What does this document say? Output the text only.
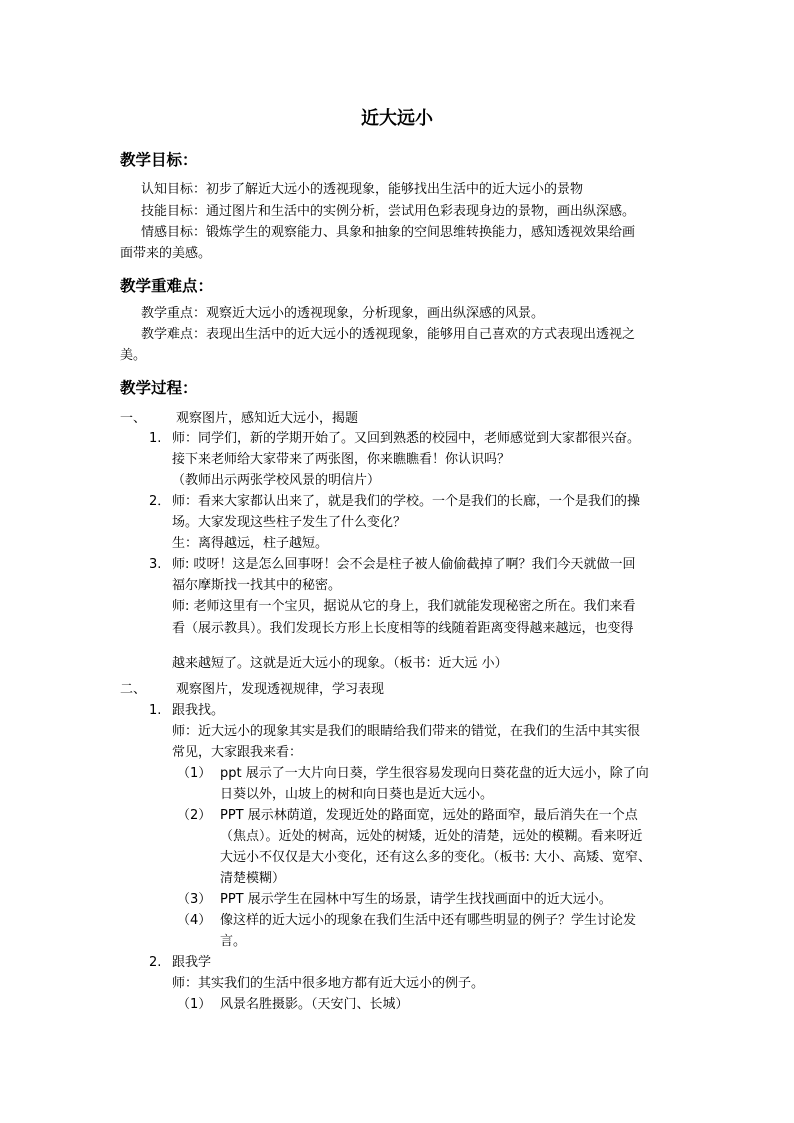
近大远小
教学目标：
认知目标：初步了解近大远小的透视现象，能够找出生活中的近大远小的景物
技能目标：通过图片和生活中的实例分析，尝试用色彩表现身边的景物，画出纵深感。
情感目标：锻炼学生的观察能力、具象和抽象的空间思维转换能力，感知透视效果给画
面带来的美感。
教学重难点：
教学重点：观察近大远小的透视现象，分析现象，画出纵深感的风景。
教学难点：表现出生活中的近大远小的透视现象，能够用自己喜欢的方式表现出透视之
美。
教学过程：
一、 观察图片，感知近大远小，揭题
1. 师：同学们，新的学期开始了。又回到熟悉的校园中，老师感觉到大家都很兴奋。
接下来老师给大家带来了两张图，你来瞧瞧看！你认识吗？
（教师出示两张学校风景的明信片）
2． 师：看来大家都认出来了，就是我们的学校。一个是我们的长廊，一个是我们的操
场。大家发现这些柱子发生了什么变化？
生：离得越远，柱子越短。
3. 师: 哎呀！这是怎么回事呀！会不会是柱子被人偷偷截掉了啊？我们今天就做一回
福尔摩斯找一找其中的秘密。
师: 老师这里有一个宝贝，据说从它的身上，我们就能发现秘密之所在。我们来看
看（展示教具）。我们发现长方形上长度相等的线随着距离变得越来越远，也变得
越来越短了。这就是近大远小的现象。（板书：近大远 小）
二、 观察图片，发现透视规律，学习表现
1. 跟我找。
师：近大远小的现象其实是我们的眼睛给我们带来的错觉，在我们的生活中其实很
常见，大家跟我来看：
（1） ppt 展示了一大片向日葵，学生很容易发现向日葵花盘的近大远小，除了向
日葵以外，山坡上的树和向日葵也是近大远小。
（2） PPT 展示林荫道，发现近处的路面宽，远处的路面窄，最后消失在一个点
（焦点）。近处的树高，远处的树矮，近处的清楚，远处的模糊。看来呀近
大远小不仅仅是大小变化，还有这么多的变化。（板书: 大小、高矮、宽窄、
清楚模糊）
（3） PPT 展示学生在园林中写生的场景，请学生找找画面中的近大远小。
（4） 像这样的近大远小的现象在我们生活中还有哪些明显的例子？学生讨论发
言。
2. 跟我学
师：其实我们的生活中很多地方都有近大远小的例子。
（1） 风景名胜摄影。（天安门、长城）
